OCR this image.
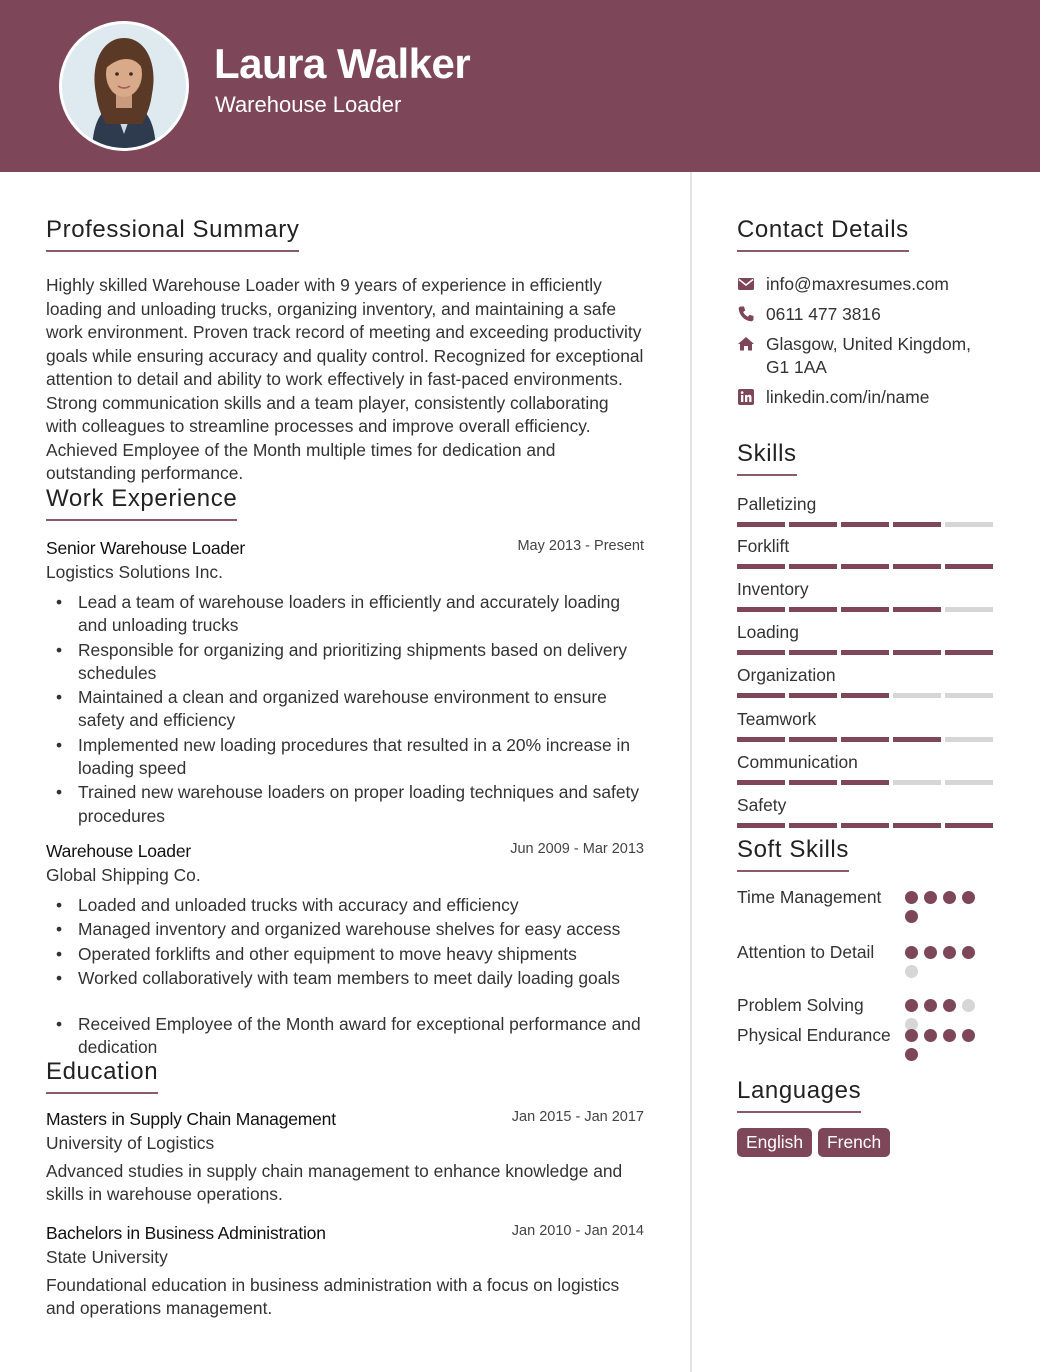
Laura Walker
Warehouse Loader
Professional Summary
Highly skilled Warehouse Loader with 9 years of experience in efficiently loading and unloading trucks, organizing inventory, and maintaining a safe work environment. Proven track record of meeting and exceeding productivity goals while ensuring accuracy and quality control. Recognized for exceptional attention to detail and ability to work effectively in fast-paced environments. Strong communication skills and a team player, consistently collaborating with colleagues to streamline processes and improve overall efficiency. Achieved Employee of the Month multiple times for dedication and outstanding performance.
Work Experience
Senior Warehouse Loader	May 2013 - Present
Logistics Solutions Inc.
• Lead a team of warehouse loaders in efficiently and accurately loading and unloading trucks
• Responsible for organizing and prioritizing shipments based on delivery schedules
• Maintained a clean and organized warehouse environment to ensure safety and efficiency
• Implemented new loading procedures that resulted in a 20% increase in loading speed
• Trained new warehouse loaders on proper loading techniques and safety procedures
Warehouse Loader	Jun 2009 - Mar 2013
Global Shipping Co.
• Loaded and unloaded trucks with accuracy and efficiency
• Managed inventory and organized warehouse shelves for easy access
• Operated forklifts and other equipment to move heavy shipments
• Worked collaboratively with team members to meet daily loading goals
• Received Employee of the Month award for exceptional performance and dedication
Education
Masters in Supply Chain Management	Jan 2015 - Jan 2017
University of Logistics
Advanced studies in supply chain management to enhance knowledge and skills in warehouse operations.
Bachelors in Business Administration	Jan 2010 - Jan 2014
State University
Foundational education in business administration with a focus on logistics and operations management.
Contact Details
info@maxresumes.com
0611 477 3816
Glasgow, United Kingdom, G1 1AA
linkedin.com/in/name
Skills
Palletizing
Forklift
Inventory
Loading
Organization
Teamwork
Communication
Safety
Soft Skills
Time Management
Attention to Detail
Problem Solving
Physical Endurance
Languages
English	French
